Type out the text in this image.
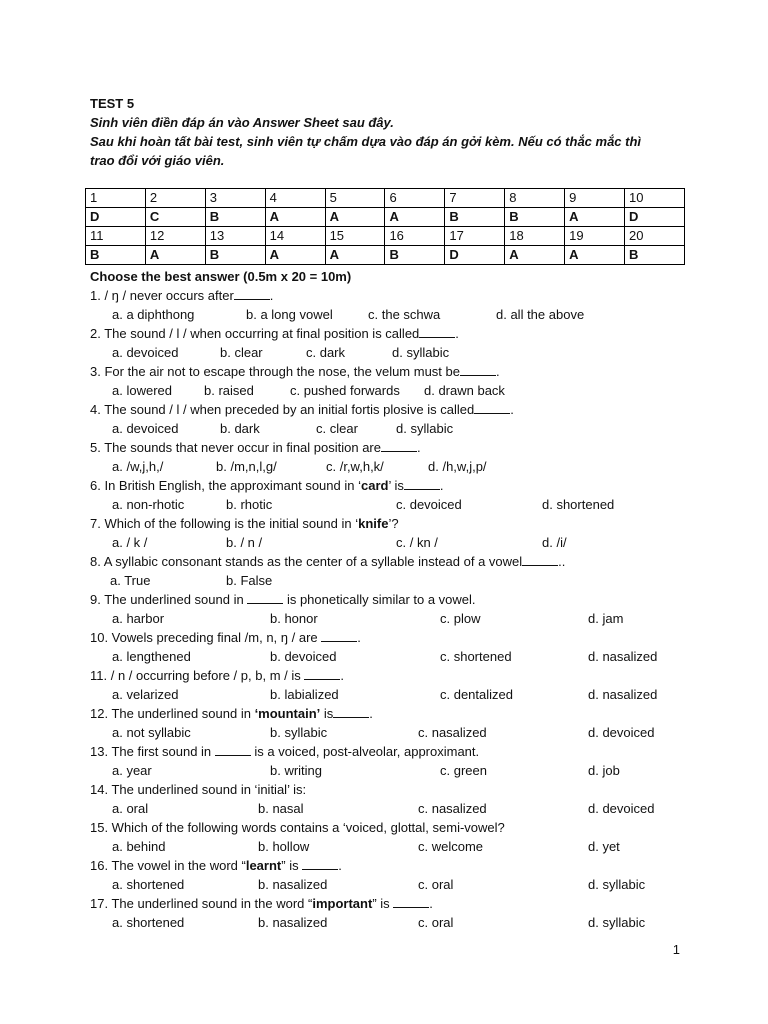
TEST 5
Sinh viên điền đáp án vào Answer Sheet sau đây.
Sau khi hoàn tất bài test, sinh viên tự chấm dựa vào đáp án gởi kèm. Nếu có thắc mắc thì
trao đổi với giáo viên.
1	2	3	4	5	6	7	8	9	10
D	C	B	A	A	A	B	B	A	D
11	12	13	14	15	16	17	18	19	20
B	A	B	A	A	B	D	A	A	B
Choose the best answer (0.5m x 20 = 10m)
1. / ŋ / never occurs after	.
a. a diphthong	b. a long vowel	c. the schwa	d. all the above
2. The sound / l / when occurring at final position is called	.
a. devoiced	b. clear	c. dark	d. syllabic
3. For the air not to escape through the nose, the velum must be	.
a. lowered b. raised	c. pushed forwards d. drawn back
4. The sound / l / when preceded by an initial fortis plosive is called	.
a. devoiced	b. dark	c. clear	d. syllabic
5. The sounds that never occur in final position are	.
a. /w,j,h,/	b. /m,n,l,g/	c. /r,w,h,k/	d. /h,w,j,p/
6. In British English, the approximant sound in ‘card’ is	.
a. non-rhotic	b. rhotic	c. devoiced	d. shortened
7. Which of the following is the initial sound in ‘knife’?
a. / k /	b. / n /	c. / kn /	d. /i/
8. A syllabic consonant stands as the center of a syllable instead of a vowel	..
a. True	b. False
9. The underlined sound in	is phonetically similar to a vowel.
a. harbor	b. honor	c. plow	d. jam
10. Vowels preceding final /m, n, ŋ / are	.
a. lengthened	b. devoiced	c. shortened	d. nasalized
11. / n / occurring before / p, b, m / is	.
a. velarized	b. labialized	c. dentalized	d. nasalized
12. The underlined sound in ‘mountain’ is	.
a. not syllabic	b. syllabic	c. nasalized	d. devoiced
13. The first sound in	is a voiced, post-alveolar, approximant.
a. year	b. writing	c. green	d. job
14. The underlined sound in ‘initial’ is:
a. oral	b. nasal	c. nasalized	d. devoiced
15. Which of the following words contains a ‘voiced, glottal, semi-vowel?
a. behind	b. hollow	c. welcome	d. yet
16. The vowel in the word “learnt” is	.
a. shortened	b. nasalized	c. oral	d. syllabic
17. The underlined sound in the word “important” is	.
a. shortened	b. nasalized	c. oral	d. syllabic
1
